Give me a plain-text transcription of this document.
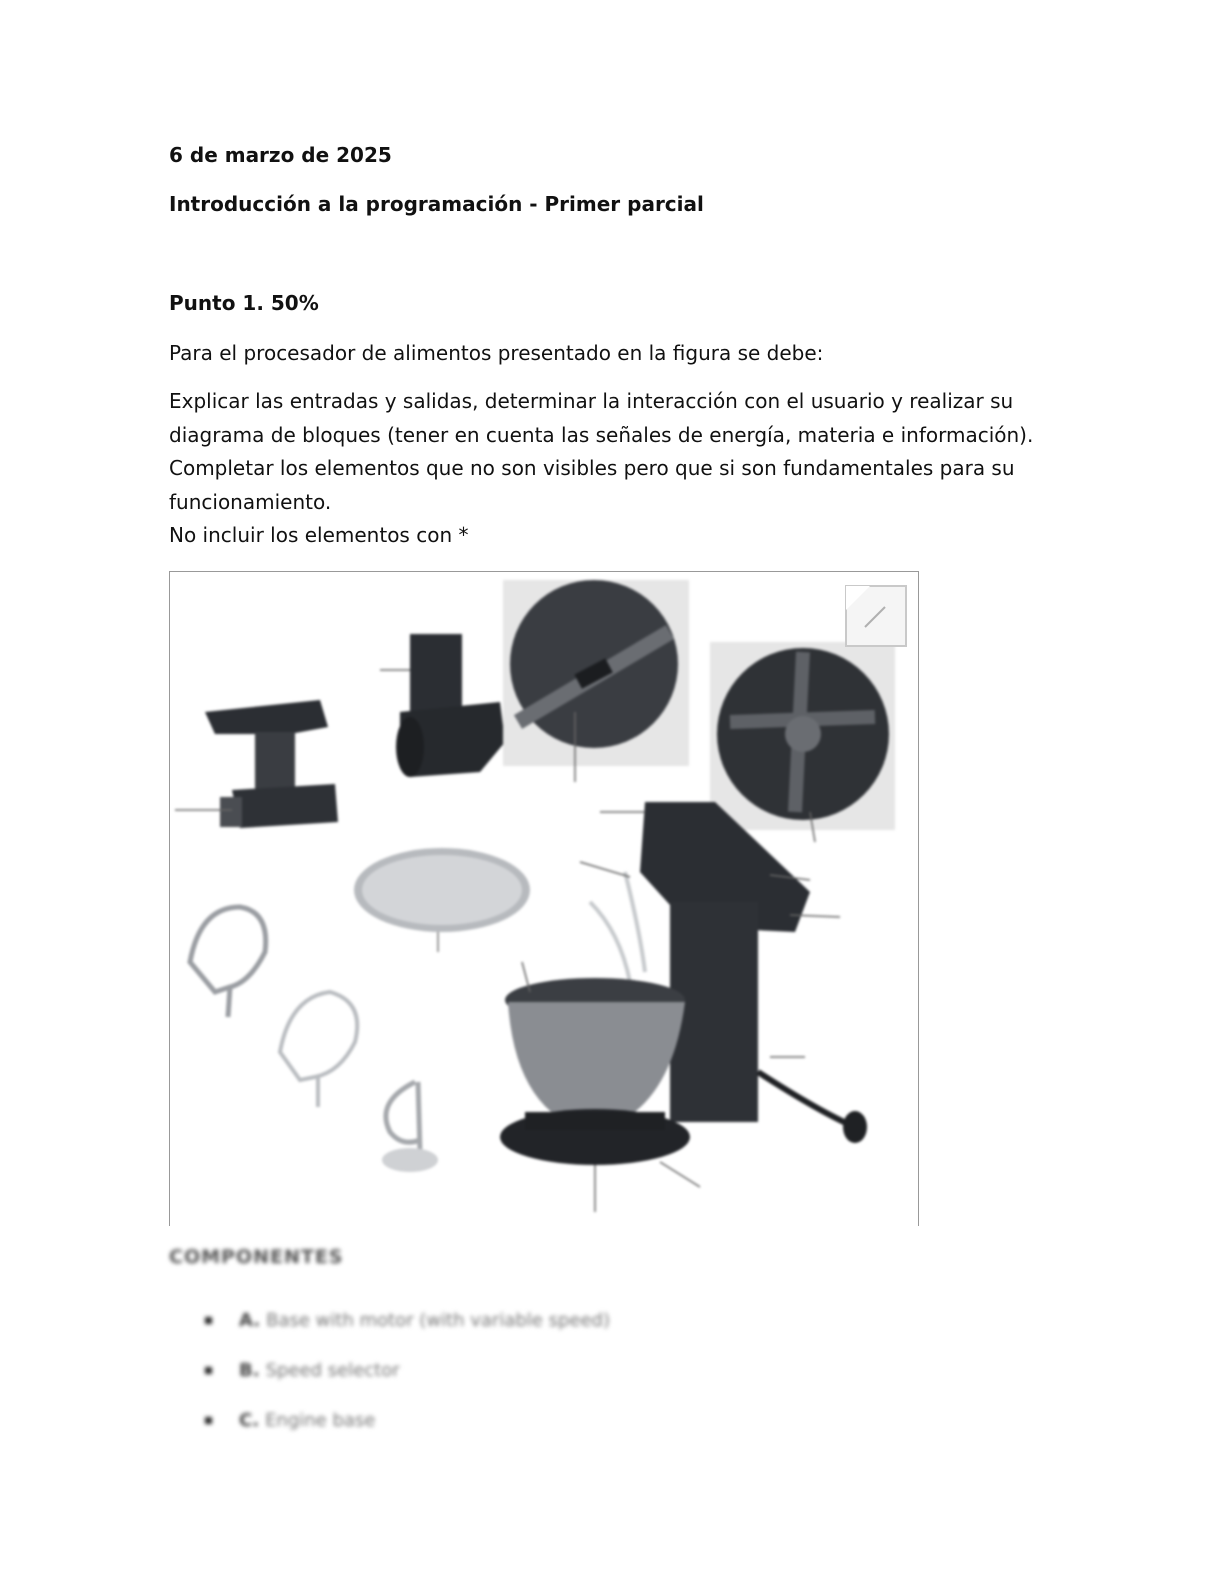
6 de marzo de 2025
Introducción a la programación - Primer parcial
Punto 1. 50%
Para el procesador de alimentos presentado en la figura se debe:
Explicar las entradas y salidas, determinar la interacción con el usuario y realizar su
diagrama de bloques (tener en cuenta las señales de energía, materia e información).
Completar los elementos que no son visibles pero que si son fundamentales para su
funcionamiento.
No incluir los elementos con *
COMPONENTES
A. Base with motor (with variable speed)
B. Speed selector
C. Engine base
